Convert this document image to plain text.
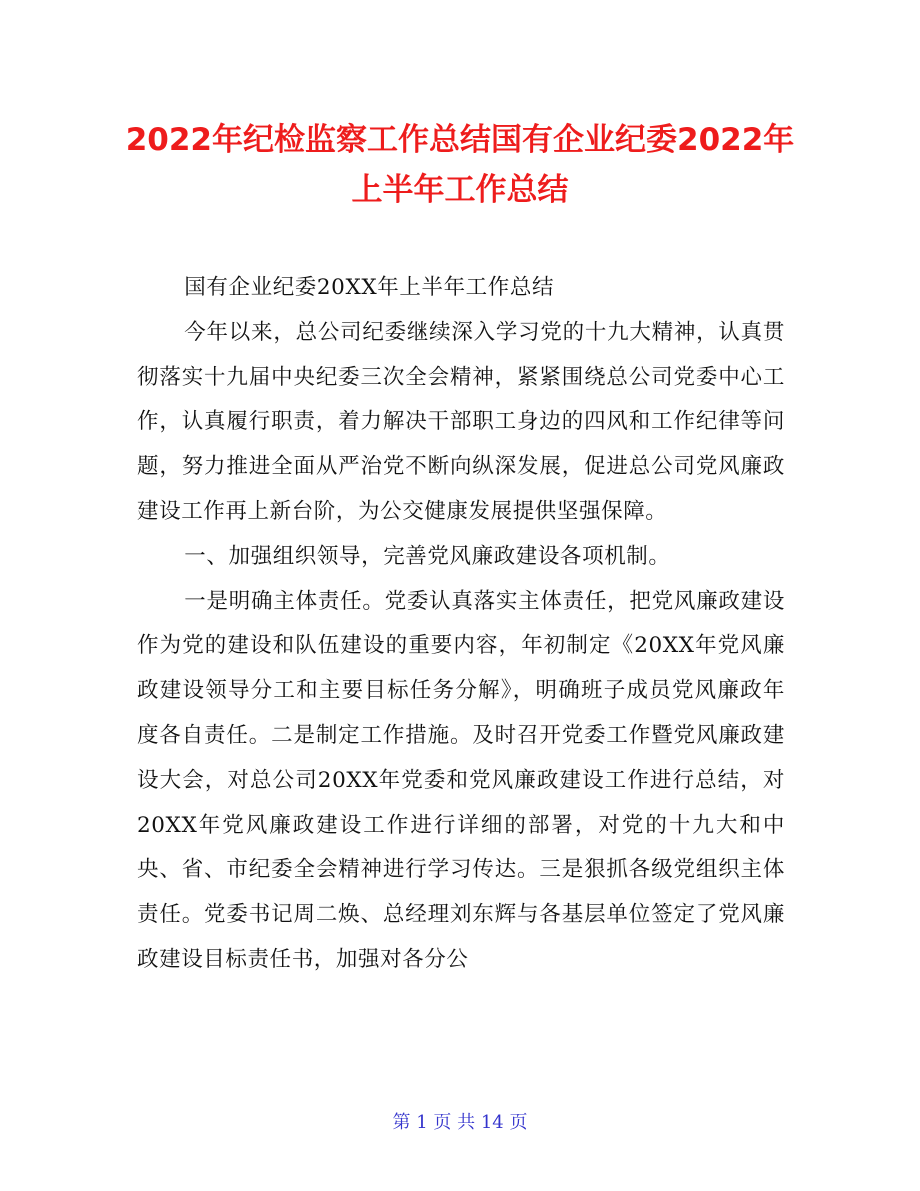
2022年纪检监察工作总结国有企业纪委2022年上半年工作总结

国有企业纪委20XX年上半年工作总结

今年以来，总公司纪委继续深入学习党的十九大精神，认真贯彻落实十九届中央纪委三次全会精神，紧紧围绕总公司党委中心工作，认真履行职责，着力解决干部职工身边的四风和工作纪律等问题，努力推进全面从严治党不断向纵深发展，促进总公司党风廉政建设工作再上新台阶，为公交健康发展提供坚强保障。

一、加强组织领导，完善党风廉政建设各项机制。

一是明确主体责任。党委认真落实主体责任，把党风廉政建设作为党的建设和队伍建设的重要内容，年初制定《20XX年党风廉政建设领导分工和主要目标任务分解》，明确班子成员党风廉政年度各自责任。二是制定工作措施。及时召开党委工作暨党风廉政建设大会，对总公司20XX年党委和党风廉政建设工作进行总结，对20XX年党风廉政建设工作进行详细的部署，对党的十九大和中央、省、市纪委全会精神进行学习传达。三是狠抓各级党组织主体责任。党委书记周二焕、总经理刘东辉与各基层单位签定了党风廉政建设目标责任书，加强对各分公

第 1 页 共 14 页
